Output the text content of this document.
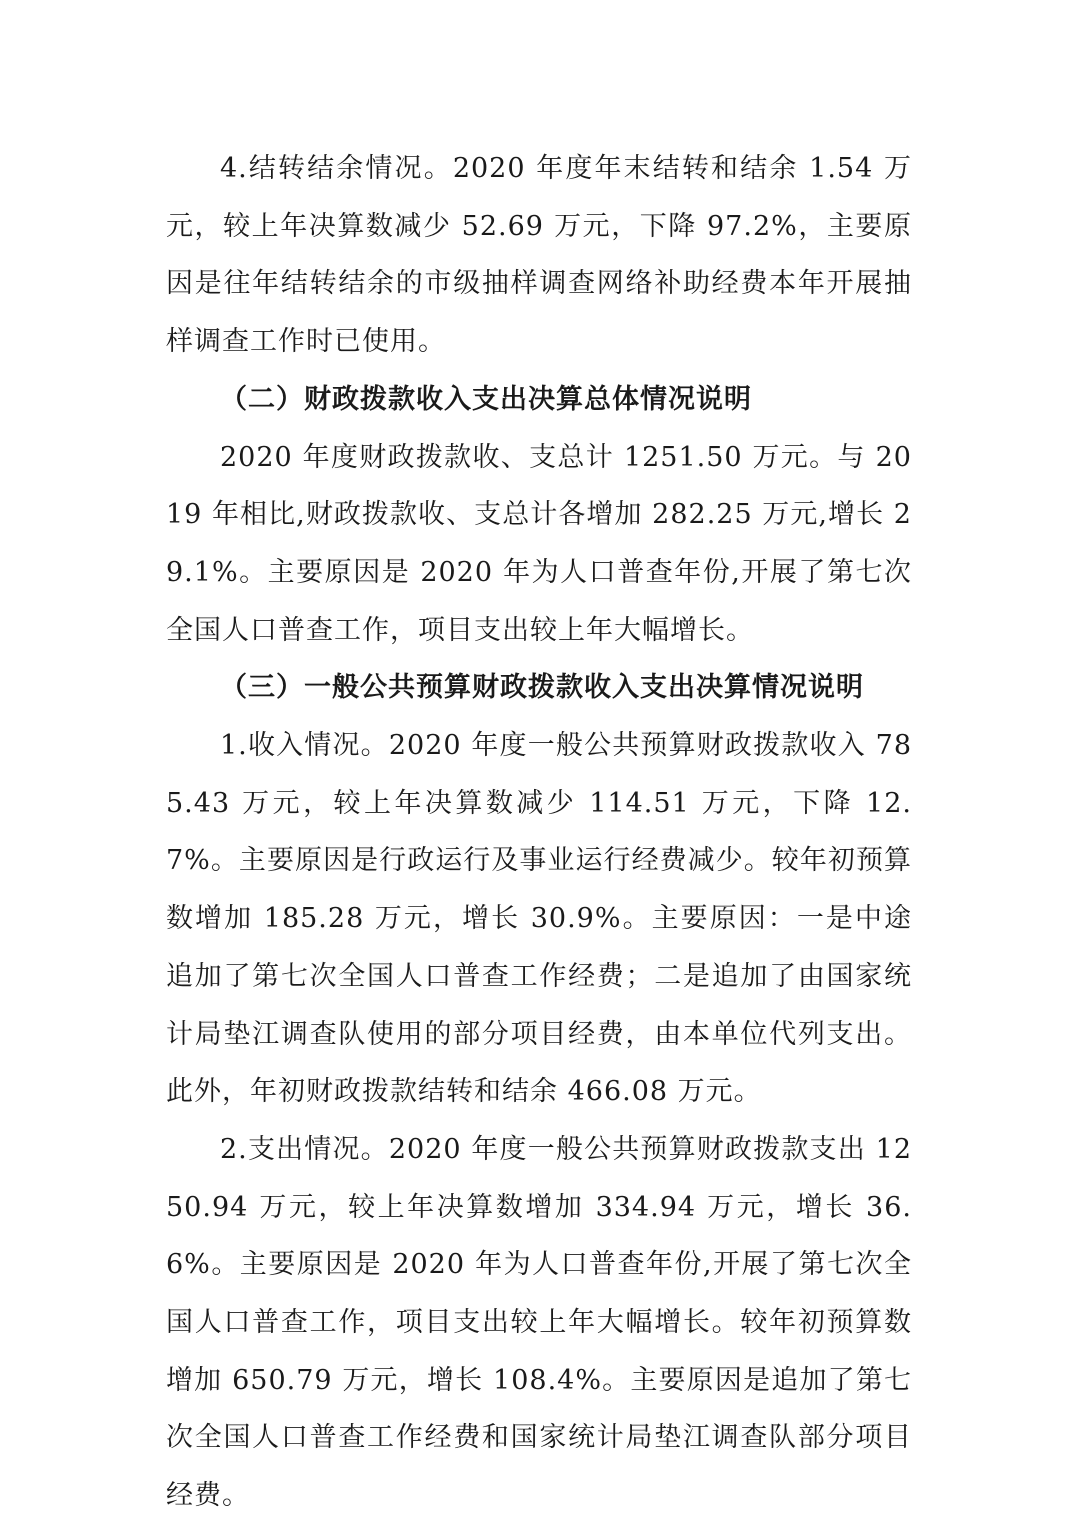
4.结转结余情况。2020 年度年末结转和结余 1.54 万元，较上年决算数减少 52.69 万元，下降 97.2%，主要原因是往年结转结余的市级抽样调查网络补助经费本年开展抽样调查工作时已使用。

（二）财政拨款收入支出决算总体情况说明

2020 年度财政拨款收、支总计 1251.50 万元。与 2019 年相比,财政拨款收、支总计各增加 282.25 万元,增长 29.1%。主要原因是 2020 年为人口普查年份,开展了第七次全国人口普查工作，项目支出较上年大幅增长。

（三）一般公共预算财政拨款收入支出决算情况说明

1.收入情况。2020 年度一般公共预算财政拨款收入 785.43 万元，较上年决算数减少 114.51 万元，下降 12.7%。主要原因是行政运行及事业运行经费减少。较年初预算数增加 185.28 万元，增长 30.9%。主要原因：一是中途追加了第七次全国人口普查工作经费；二是追加了由国家统计局垫江调查队使用的部分项目经费，由本单位代列支出。此外，年初财政拨款结转和结余 466.08 万元。

2.支出情况。2020 年度一般公共预算财政拨款支出 1250.94 万元，较上年决算数增加 334.94 万元，增长 36.6%。主要原因是 2020 年为人口普查年份,开展了第七次全国人口普查工作，项目支出较上年大幅增长。较年初预算数增加 650.79 万元，增长 108.4%。主要原因是追加了第七次全国人口普查工作经费和国家统计局垫江调查队部分项目经费。
